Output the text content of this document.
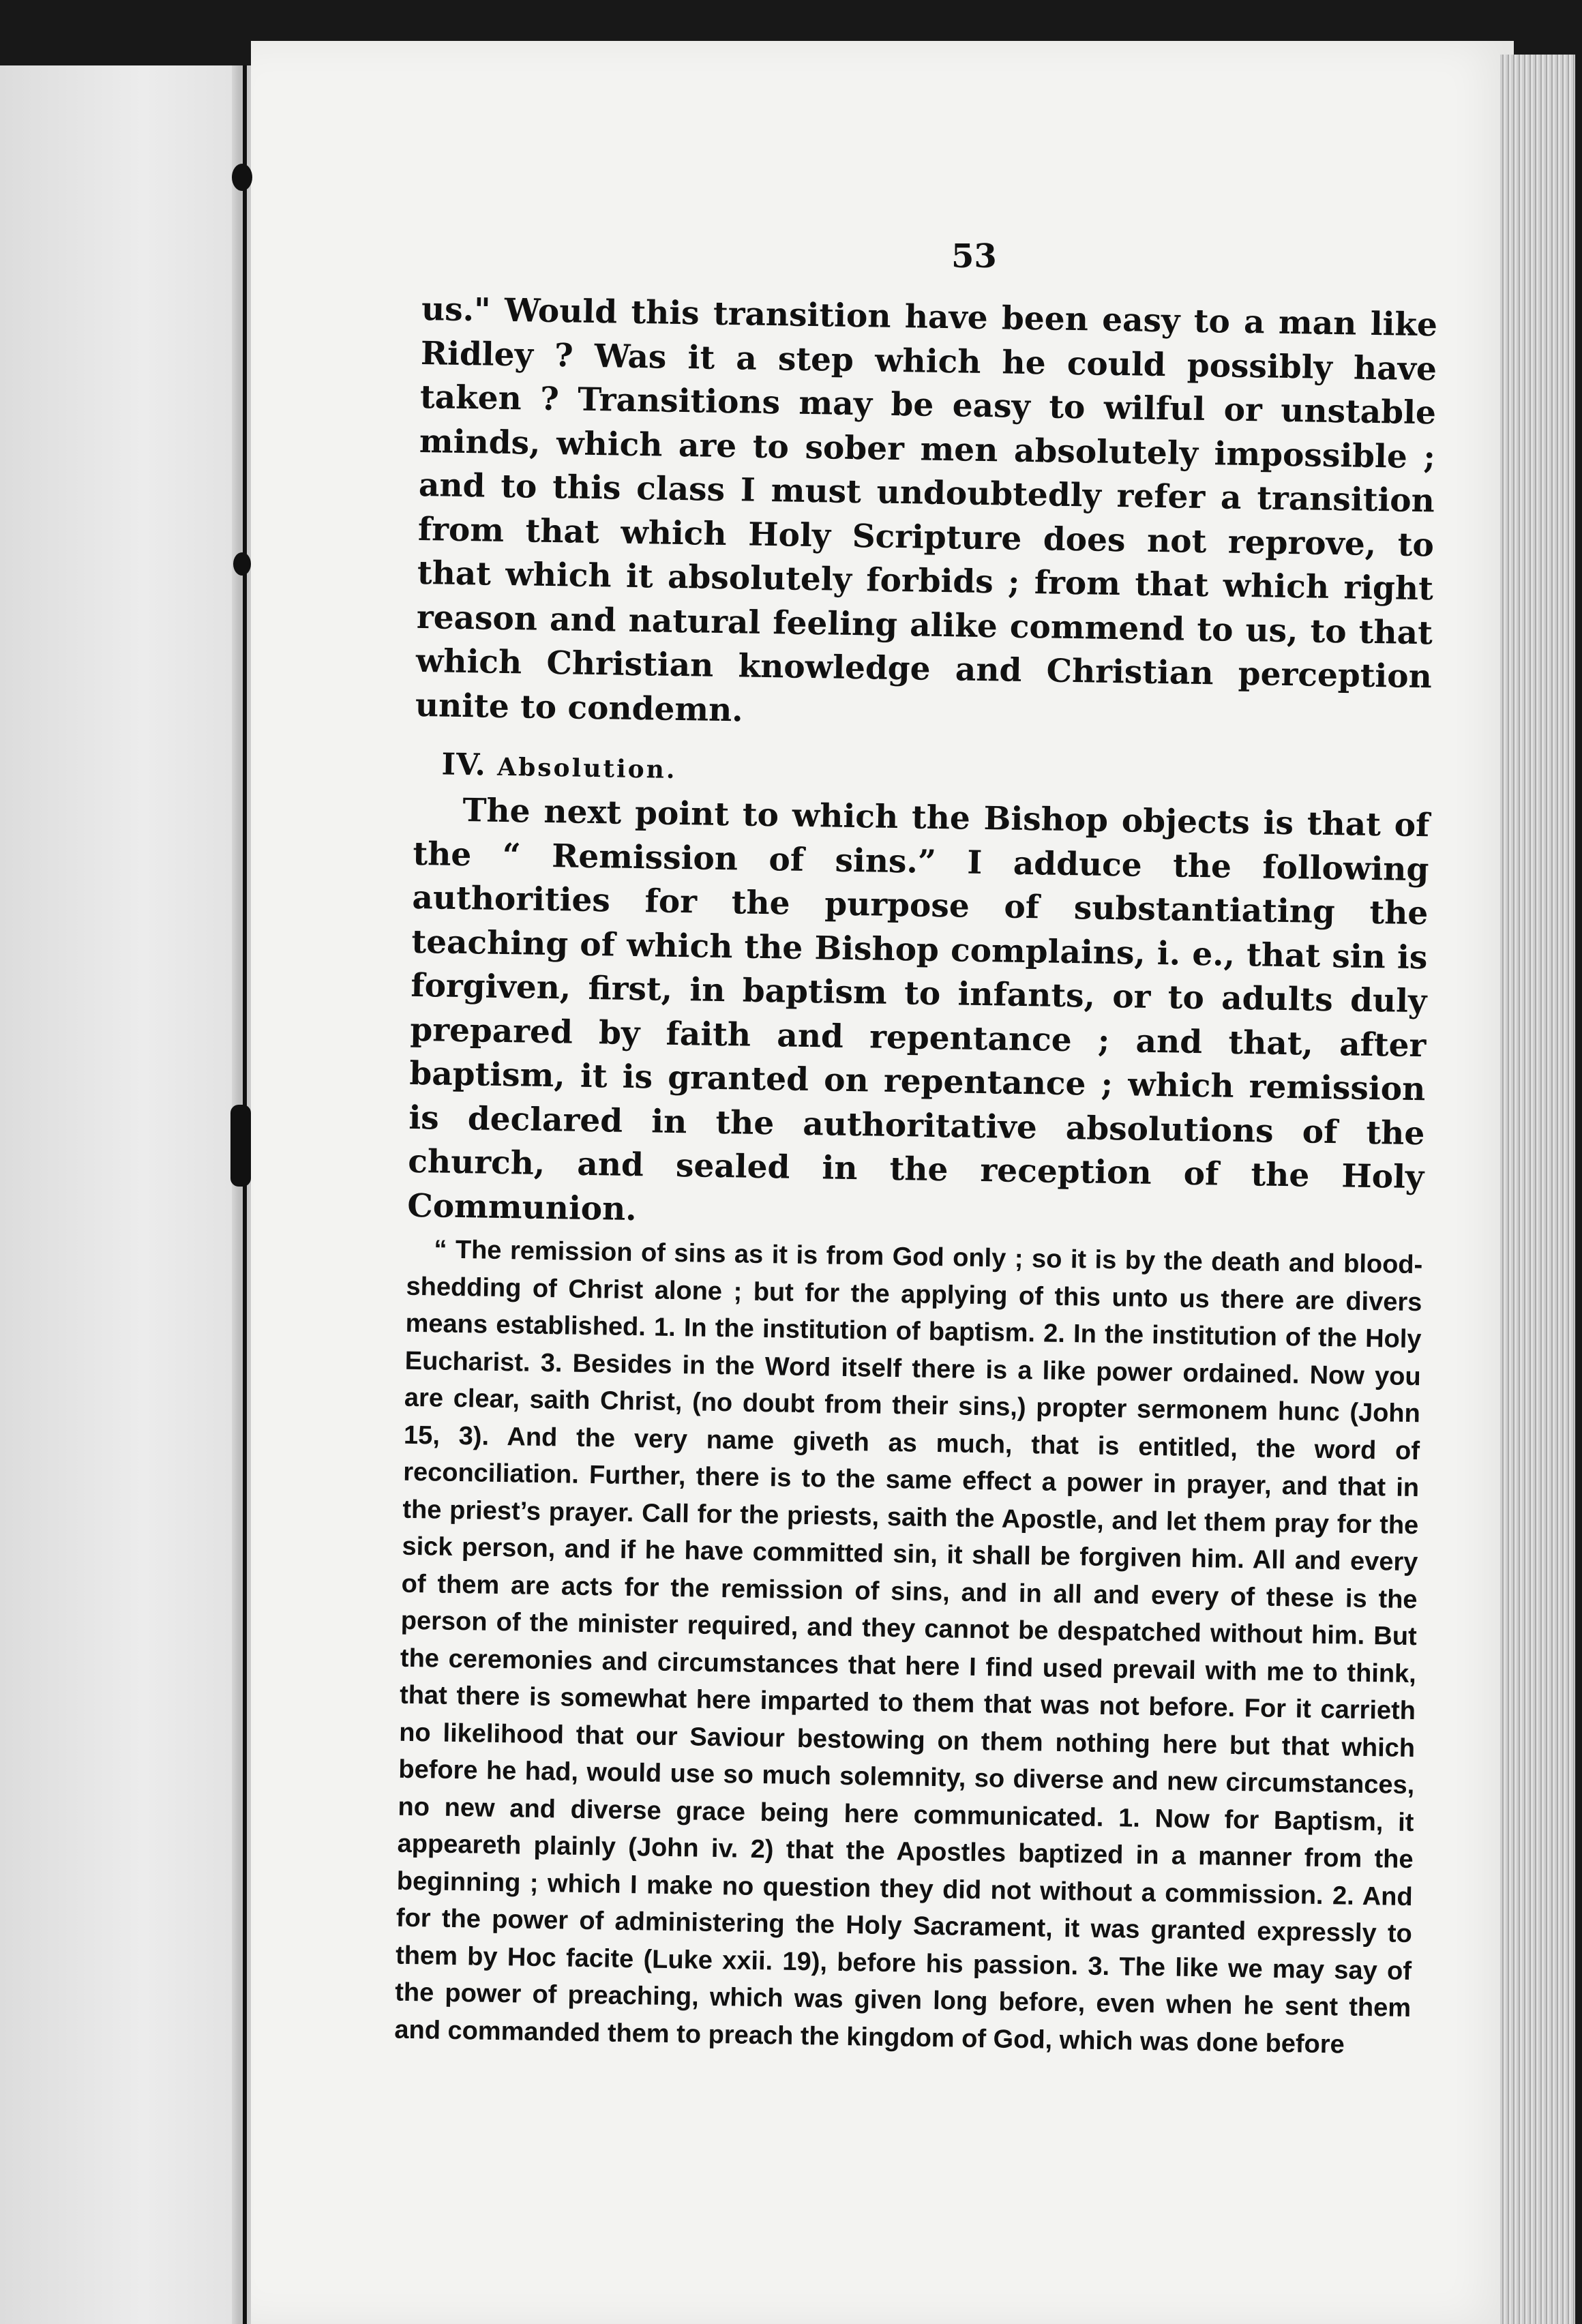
53

us." Would this transition have been easy to a man like Ridley ? Was it a step which he could possibly have taken ? Transitions may be easy to wilful or unstable minds, which are to sober men absolutely impossible ; and to this class I must undoubtedly refer a transition from that which Holy Scripture does not reprove, to that which it absolutely forbids ; from that which right reason and natural feeling alike commend to us, to that which Christian knowledge and Christian perception unite to condemn.

IV. Absolution.

The next point to which the Bishop objects is that of the “ Remission of sins.” I adduce the following authorities for the purpose of substantiating the teaching of which the Bishop complains, i. e., that sin is forgiven, first, in baptism to infants, or to adults duly prepared by faith and repentance ; and that, after baptism, it is granted on repentance ; which remission is declared in the authoritative absolutions of the church, and sealed in the reception of the Holy Communion.

“ The remission of sins as it is from God only ; so it is by the death and blood-shedding of Christ alone ; but for the applying of this unto us there are divers means established. 1. In the institution of baptism. 2. In the institution of the Holy Eucharist. 3. Besides in the Word itself there is a like power ordained. Now you are clear, saith Christ, (no doubt from their sins,) propter sermonem hunc (John 15, 3). And the very name giveth as much, that is entitled, the word of reconciliation. Further, there is to the same effect a power in prayer, and that in the priest’s prayer. Call for the priests, saith the Apostle, and let them pray for the sick person, and if he have committed sin, it shall be forgiven him. All and every of them are acts for the remission of sins, and in all and every of these is the person of the minister required, and they cannot be despatched without him. But the ceremonies and circumstances that here I find used prevail with me to think, that there is somewhat here imparted to them that was not before. For it carrieth no likelihood that our Saviour bestowing on them nothing here but that which before he had, would use so much solemnity, so diverse and new circumstances, no new and diverse grace being here communicated. 1. Now for Baptism, it appeareth plainly (John iv. 2) that the Apostles baptized in a manner from the beginning ; which I make no question they did not without a commission. 2. And for the power of administering the Holy Sacrament, it was granted expressly to them by Hoc facite (Luke xxii. 19), before his passion. 3. The like we may say of the power of preaching, which was given long before, even when he sent them and commanded them to preach the kingdom of God, which was done before
